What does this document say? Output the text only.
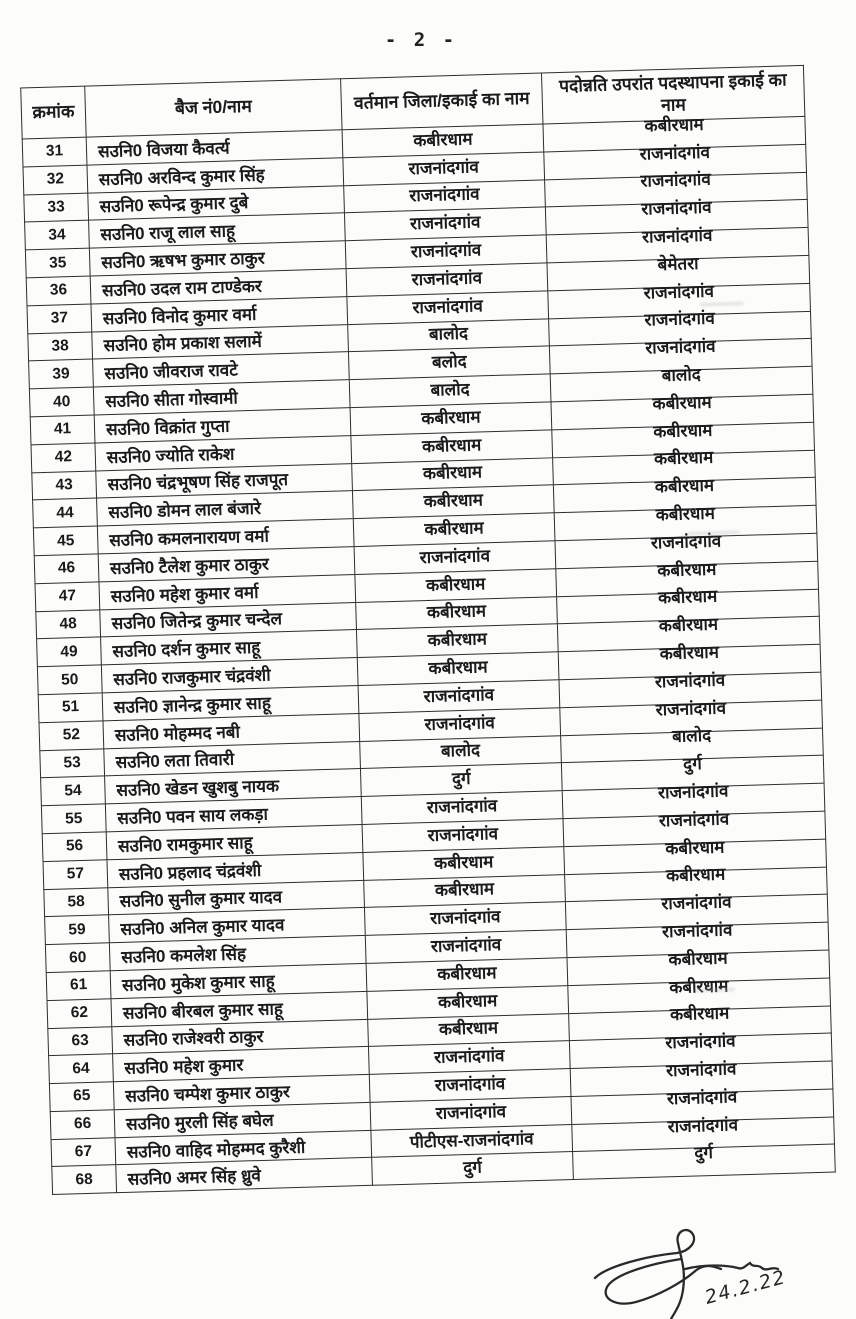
- 2 -
क्रमांक	बैज नं0/नाम	वर्तमान जिला/इकाई का नाम	पदोन्नति उपरांत पदस्थापना इकाई का नाम
31	सउनि0 विजया कैवर्त्य	कबीरधाम	कबीरधाम
32	सउनि0 अरविन्द कुमार सिंह	राजनांदगांव	राजनांदगांव
33	सउनि0 रूपेन्द्र कुमार दुबे	राजनांदगांव	राजनांदगांव
34	सउनि0 राजू लाल साहू	राजनांदगांव	राजनांदगांव
35	सउनि0 ऋषभ कुमार ठाकुर	राजनांदगांव	राजनांदगांव
36	सउनि0 उदल राम टाण्डेकर	राजनांदगांव	बेमेतरा
37	सउनि0 विनोद कुमार वर्मा	राजनांदगांव	राजनांदगांव
38	सउनि0 होम प्रकाश सलामें	बालोद	राजनांदगांव
39	सउनि0 जीवराज रावटे	बलोद	राजनांदगांव
40	सउनि0 सीता गोस्वामी	बालोद	बालोद
41	सउनि0 विक्रांत गुप्ता	कबीरधाम	कबीरधाम
42	सउनि0 ज्योति राकेश	कबीरधाम	कबीरधाम
43	सउनि0 चंद्रभूषण सिंह राजपूत	कबीरधाम	कबीरधाम
44	सउनि0 डोमन लाल बंजारे	कबीरधाम	कबीरधाम
45	सउनि0 कमलनारायण वर्मा	कबीरधाम	कबीरधाम
46	सउनि0 टैलेश कुमार ठाकुर	राजनांदगांव	राजनांदगांव
47	सउनि0 महेश कुमार वर्मा	कबीरधाम	कबीरधाम
48	सउनि0 जितेन्द्र कुमार चन्देल	कबीरधाम	कबीरधाम
49	सउनि0 दर्शन कुमार साहू	कबीरधाम	कबीरधाम
50	सउनि0 राजकुमार चंद्रवंशी	कबीरधाम	कबीरधाम
51	सउनि0 ज्ञानेन्द्र कुमार साहू	राजनांदगांव	राजनांदगांव
52	सउनि0 मोहम्मद नबी	राजनांदगांव	राजनांदगांव
53	सउनि0 लता तिवारी	बालोद	बालोद
54	सउनि0 खेडन खुशबु नायक	दुर्ग	दुर्ग
55	सउनि0 पवन साय लकड़ा	राजनांदगांव	राजनांदगांव
56	सउनि0 रामकुमार साहू	राजनांदगांव	राजनांदगांव
57	सउनि0 प्रहलाद चंद्रवंशी	कबीरधाम	कबीरधाम
58	सउनि0 सुनील कुमार यादव	कबीरधाम	कबीरधाम
59	सउनि0 अनिल कुमार यादव	राजनांदगांव	राजनांदगांव
60	सउनि0 कमलेश सिंह	राजनांदगांव	राजनांदगांव
61	सउनि0 मुकेश कुमार साहू	कबीरधाम	कबीरधाम
62	सउनि0 बीरबल कुमार साहू	कबीरधाम	कबीरधाम
63	सउनि0 राजेश्वरी ठाकुर	कबीरधाम	कबीरधाम
64	सउनि0 महेश कुमार	राजनांदगांव	राजनांदगांव
65	सउनि0 चम्पेश कुमार ठाकुर	राजनांदगांव	राजनांदगांव
66	सउनि0 मुरली सिंह बघेल	राजनांदगांव	राजनांदगांव
67	सउनि0 वाहिद मोहम्मद कुरैशी	पीटीएस-राजनांदगांव	राजनांदगांव
68	सउनि0 अमर सिंह ध्रुवे	दुर्ग	दुर्ग
24.2.22
